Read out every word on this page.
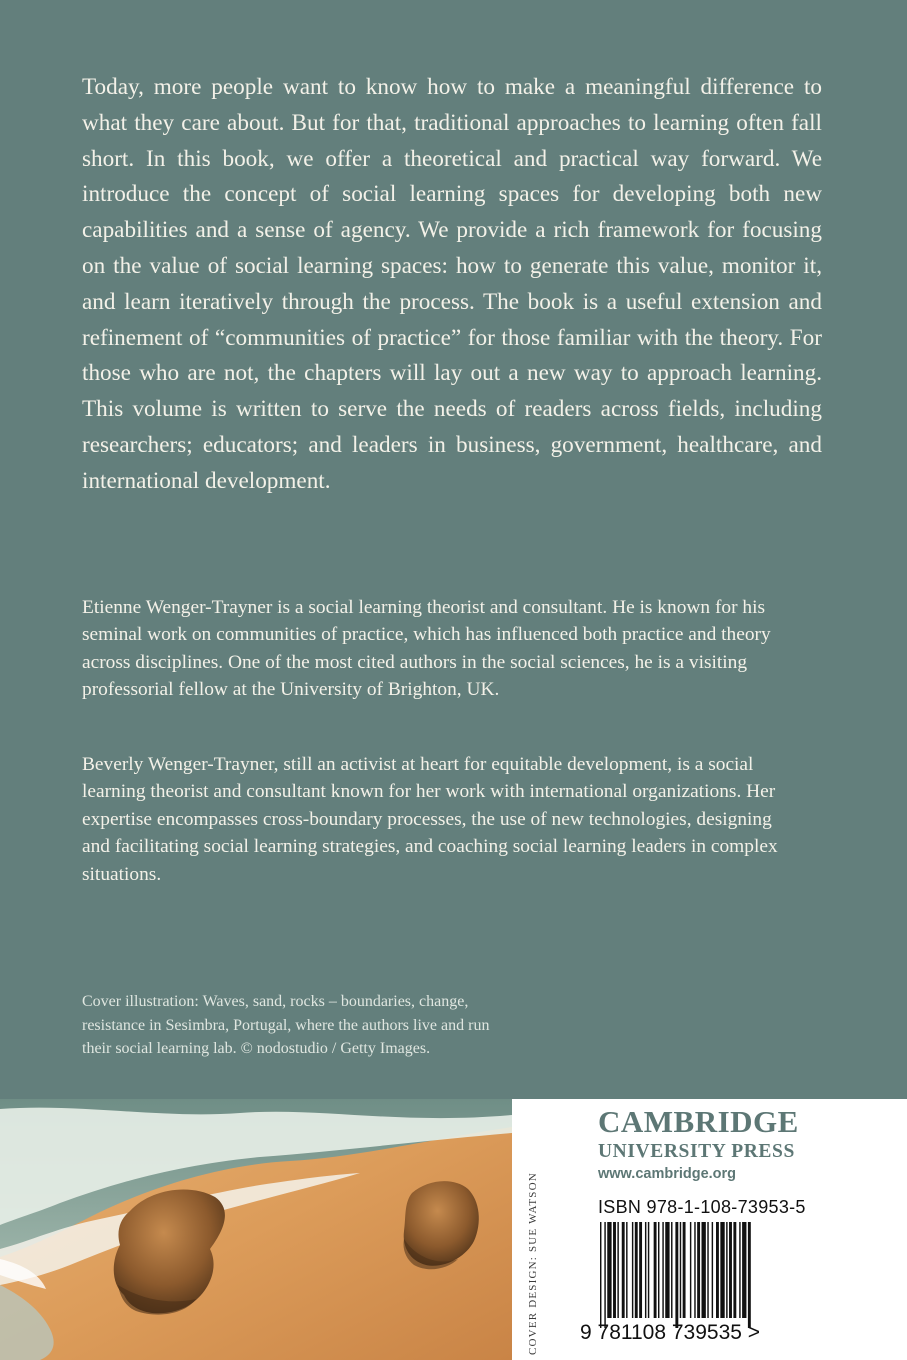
Today, more people want to know how to make a meaningful difference to what they care about. But for that, traditional approaches to learning often fall short. In this book, we offer a theoretical and practical way forward. We introduce the concept of social learning spaces for developing both new capabilities and a sense of agency. We provide a rich framework for focusing on the value of social learning spaces: how to generate this value, monitor it, and learn iteratively through the process. The book is a useful extension and refinement of “communities of practice” for those familiar with the theory. For those who are not, the chapters will lay out a new way to approach learning. This volume is written to serve the needs of readers across fields, including researchers; educators; and leaders in business, government, healthcare, and international development.

Etienne Wenger-Trayner is a social learning theorist and consultant. He is known for his seminal work on communities of practice, which has influenced both practice and theory across disciplines. One of the most cited authors in the social sciences, he is a visiting professorial fellow at the University of Brighton, UK.

Beverly Wenger-Trayner, still an activist at heart for equitable development, is a social learning theorist and consultant known for her work with international organizations. Her expertise encompasses cross-boundary processes, the use of new technologies, designing and facilitating social learning strategies, and coaching social learning leaders in complex situations.

Cover illustration: Waves, sand, rocks – boundaries, change, resistance in Sesimbra, Portugal, where the authors live and run their social learning lab. © nodostudio / Getty Images.

COVER DESIGN: SUE WATSON
CAMBRIDGE
UNIVERSITY PRESS
www.cambridge.org
ISBN 978-1-108-73953-5
9 781108 739535 >
